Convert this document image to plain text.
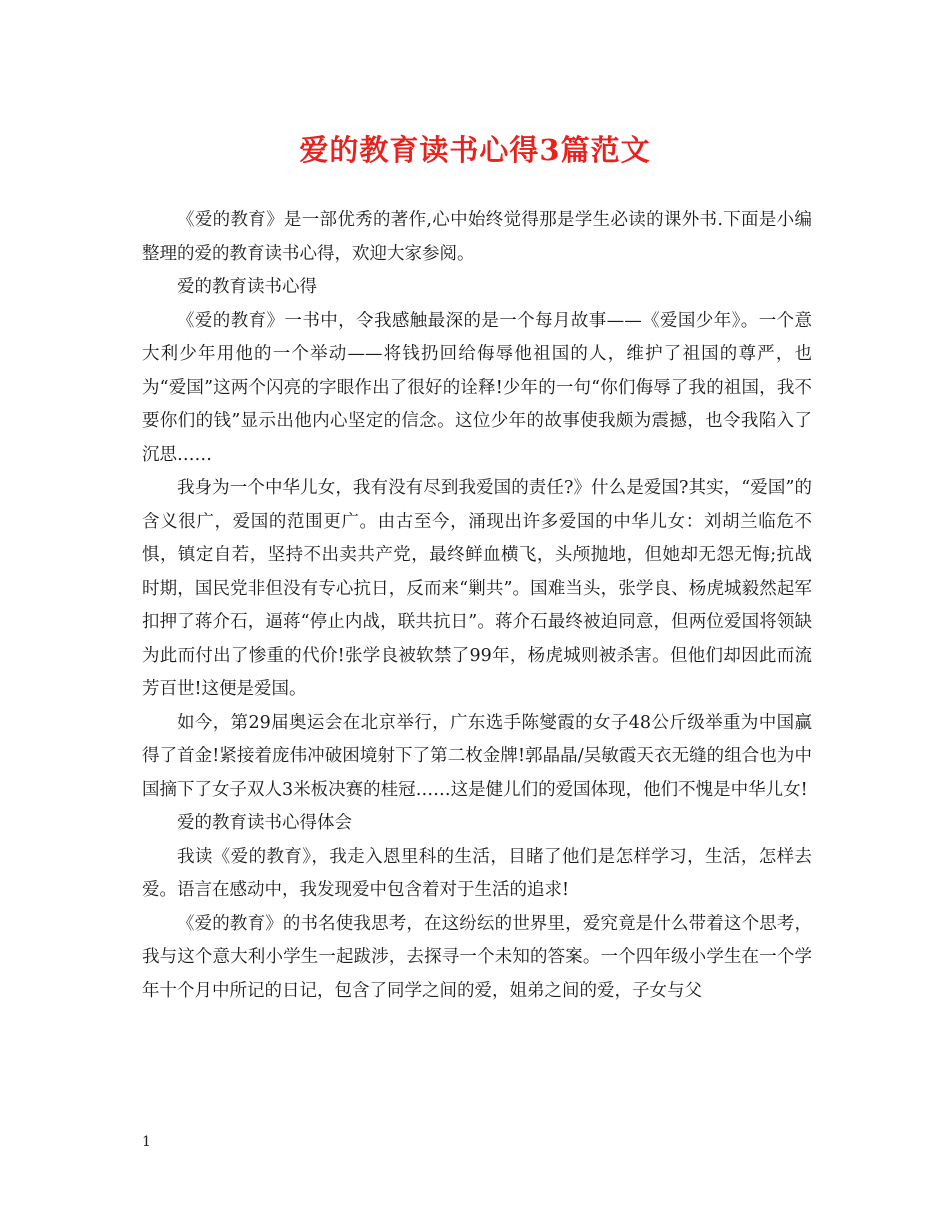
爱的教育读书心得3篇范文

《爱的教育》是一部优秀的著作,心中始终觉得那是学生必读的课外书.下面是小编整理的爱的教育读书心得，欢迎大家参阅。

爱的教育读书心得

《爱的教育》一书中，令我感触最深的是一个每月故事——《爱国少年》。一个意大利少年用他的一个举动——将钱扔回给侮辱他祖国的人，维护了祖国的尊严，也为“爱国”这两个闪亮的字眼作出了很好的诠释!少年的一句“你们侮辱了我的祖国，我不要你们的钱”显示出他内心坚定的信念。这位少年的故事使我颇为震撼，也令我陷入了沉思……

我身为一个中华儿女，我有没有尽到我爱国的责任?》什么是爱国?其实，“爱国”的含义很广，爱国的范围更广。由古至今，涌现出许多爱国的中华儿女：刘胡兰临危不惧，镇定自若，坚持不出卖共产党，最终鲜血横飞，头颅抛地，但她却无怨无悔;抗战时期，国民党非但没有专心抗日，反而来“剿共”。国难当头，张学良、杨虎城毅然起军扣押了蒋介石，逼蒋“停止内战，联共抗日”。蒋介石最终被迫同意，但两位爱国将领缺为此而付出了惨重的代价!张学良被软禁了99年，杨虎城则被杀害。但他们却因此而流芳百世!这便是爱国。

如今，第29届奥运会在北京举行，广东选手陈燮霞的女子48公斤级举重为中国赢得了首金!紧接着庞伟冲破困境射下了第二枚金牌!郭晶晶/吴敏霞天衣无缝的组合也为中国摘下了女子双人3米板决赛的桂冠……这是健儿们的爱国体现，他们不愧是中华儿女!

爱的教育读书心得体会

我读《爱的教育》，我走入恩里科的生活，目睹了他们是怎样学习，生活，怎样去爱。语言在感动中，我发现爱中包含着对于生活的追求!

《爱的教育》的书名使我思考，在这纷纭的世界里，爱究竟是什么带着这个思考，我与这个意大利小学生一起跋涉，去探寻一个未知的答案。一个四年级小学生在一个学年十个月中所记的日记，包含了同学之间的爱，姐弟之间的爱，子女与父

1
